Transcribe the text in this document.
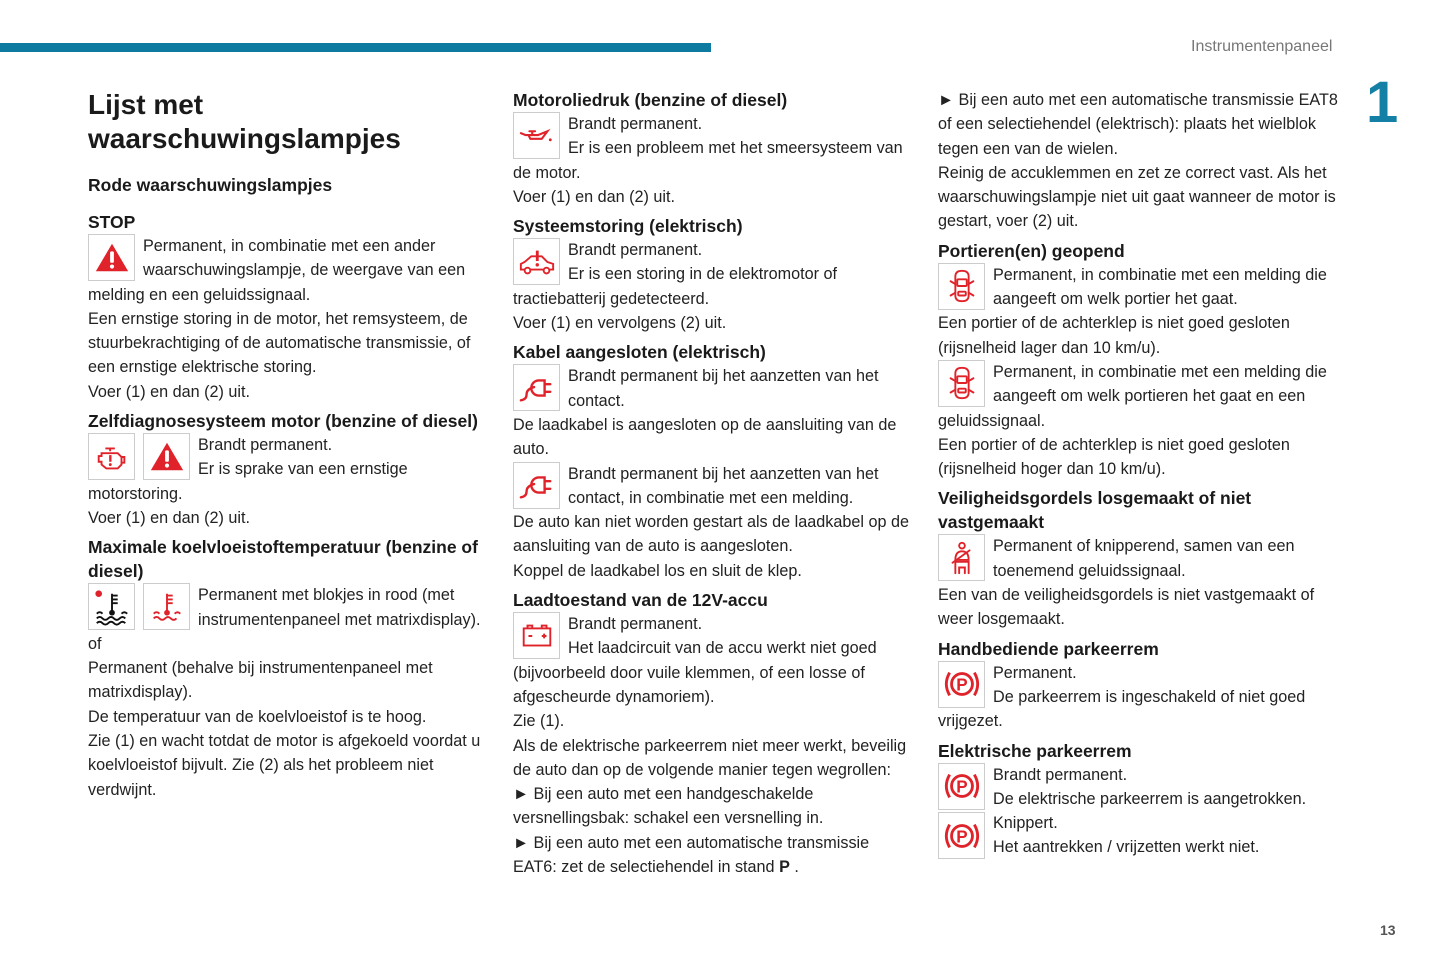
Instrumentenpaneel
1
13
Lijst met waarschuwingslampjes
Rode waarschuwingslampjes
STOP

Permanent, in combinatie met een ander waarschuwingslampje, de weergave van een melding en een geluidssignaal.

Een ernstige storing in de motor, het remsysteem, de stuurbekrachtiging of de automatische transmissie, of een ernstige elektrische storing.

Voer (1) en dan (2) uit.

Zelfdiagnosesysteem motor (benzine of diesel)

Brandt permanent.

Er is sprake van een ernstige motorstoring.

Voer (1) en dan (2) uit.

Maximale koelvloeistoftemperatuur (benzine of diesel)

Permanent met blokjes in rood (met instrumentenpaneel met matrixdisplay).

of

Permanent (behalve bij instrumentenpaneel met matrixdisplay).

De temperatuur van de koelvloeistof is te hoog.

Zie (1) en wacht totdat de motor is afgekoeld voordat u koelvloeistof bijvult. Zie (2) als het probleem niet verdwijnt.

Motoroliedruk (benzine of diesel)

Brandt permanent.

Er is een probleem met het smeersysteem van de motor.

Voer (1) en dan (2) uit.

Systeemstoring (elektrisch)

Brandt permanent.

Er is een storing in de elektromotor of tractiebatterij gedetecteerd.

Voer (1) en vervolgens (2) uit.

Kabel aangesloten (elektrisch)

Brandt permanent bij het aanzetten van het contact.

De laadkabel is aangesloten op de aansluiting van de auto.

Brandt permanent bij het aanzetten van het contact, in combinatie met een melding.

De auto kan niet worden gestart als de laadkabel op de aansluiting van de auto is aangesloten.

Koppel de laadkabel los en sluit de klep.

Laadtoestand van de 12V-accu

Brandt permanent.

Het laadcircuit van de accu werkt niet goed (bijvoorbeeld door vuile klemmen, of een losse of afgescheurde dynamoriem).

Zie (1).

Als de elektrische parkeerrem niet meer werkt, beveilig de auto dan op de volgende manier tegen wegrollen:

► Bij een auto met een handgeschakelde versnellingsbak: schakel een versnelling in.

► Bij een auto met een automatische transmissie EAT6: zet de selectiehendel in stand P .

► Bij een auto met een automatische transmissie EAT8 of een selectiehendel (elektrisch): plaats het wielblok tegen een van de wielen.

Reinig de accuklemmen en zet ze correct vast. Als het waarschuwingslampje niet uit gaat wanneer de motor is gestart, voer (2) uit.

Portieren(en) geopend

Permanent, in combinatie met een melding die aangeeft om welk portier het gaat.

Een portier of de achterklep is niet goed gesloten (rijsnelheid lager dan 10 km/u).

Permanent, in combinatie met een melding die aangeeft om welk portieren het gaat en een geluidssignaal.

Een portier of de achterklep is niet goed gesloten (rijsnelheid hoger dan 10 km/u).

Veiligheidsgordels losgemaakt of niet vastgemaakt

Permanent of knipperend, samen van een toenemend geluidssignaal.

Een van de veiligheidsgordels is niet vastgemaakt of weer losgemaakt.

Handbediende parkeerrem

Permanent.

De parkeerrem is ingeschakeld of niet goed vrijgezet.

Elektrische parkeerrem

Brandt permanent.

De elektrische parkeerrem is aangetrokken.

Knippert.

Het aantrekken / vrijzetten werkt niet.
